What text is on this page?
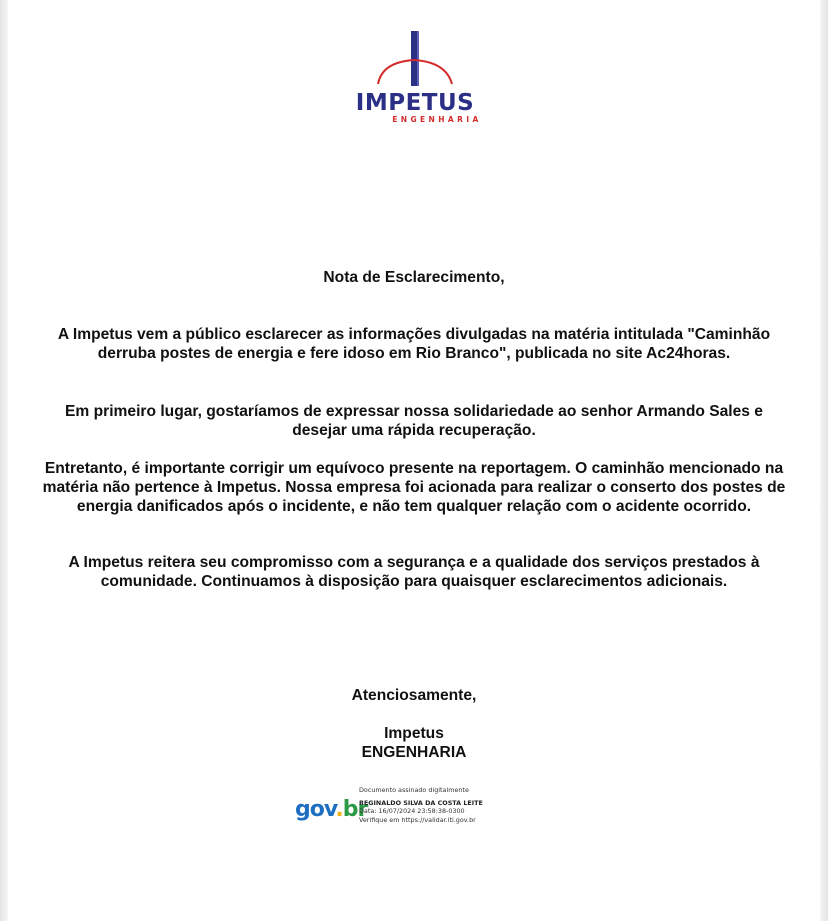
IMPETUS
ENGENHARIA
Nota de Esclarecimento,
A Impetus vem a público esclarecer as informações divulgadas na matéria intitulada "Caminhão derruba postes de energia e fere idoso em Rio Branco", publicada no site Ac24horas.
Em primeiro lugar, gostaríamos de expressar nossa solidariedade ao senhor Armando Sales e desejar uma rápida recuperação.
Entretanto, é importante corrigir um equívoco presente na reportagem. O caminhão mencionado na matéria não pertence à Impetus. Nossa empresa foi acionada para realizar o conserto dos postes de energia danificados após o incidente, e não tem qualquer relação com o acidente ocorrido.
A Impetus reitera seu compromisso com a segurança e a qualidade dos serviços prestados à comunidade. Continuamos à disposição para quaisquer esclarecimentos adicionais.
Atenciosamente,
Impetus
ENGENHARIA
gov.br
Documento assinado digitalmente
REGINALDO SILVA DA COSTA LEITE
Data: 16/07/2024 23:58:38-0300
Verifique em https://validar.iti.gov.br
